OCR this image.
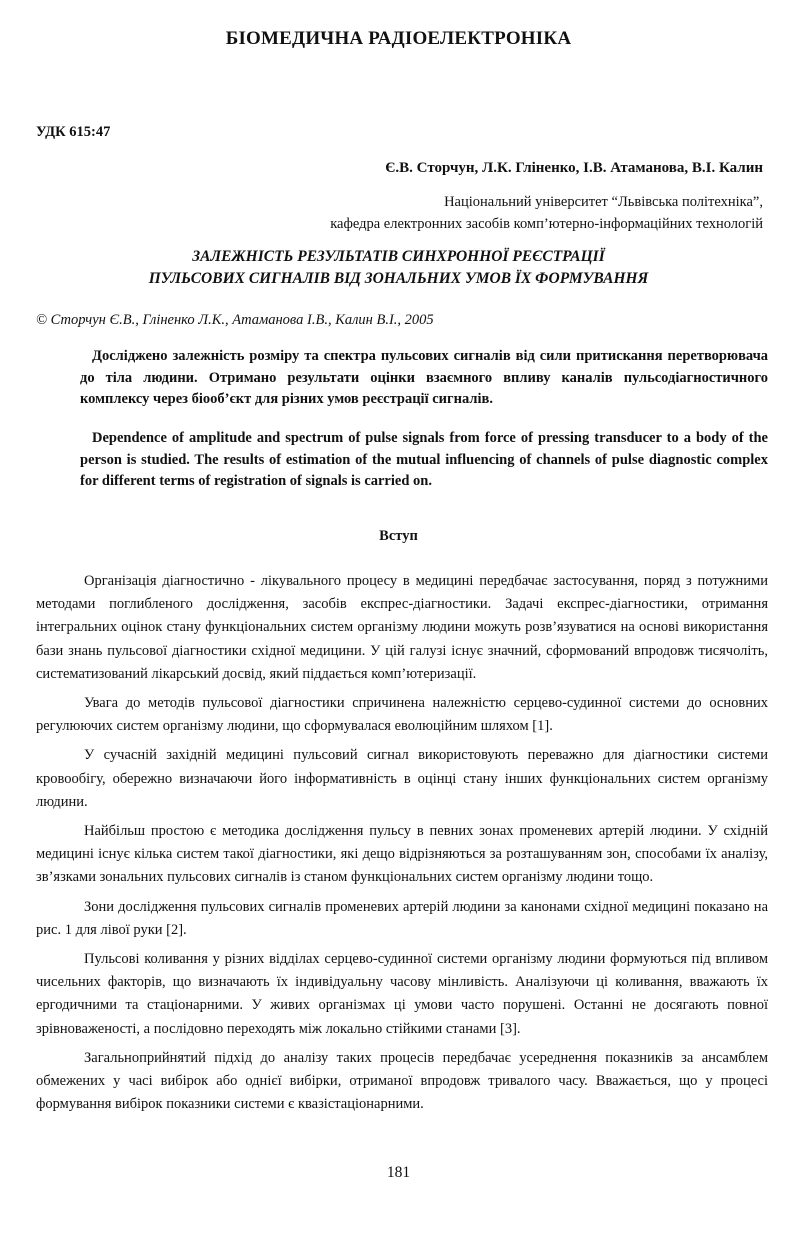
БІОМЕДИЧНА РАДІОЕЛЕКТРОНІКА
УДК 615:47
Є.В. Сторчун, Л.К. Гліненко, І.В. Атаманова, В.І. Калин
Національний університет “Львівська політехніка”,
кафедра електронних засобів комп’ютерно-інформаційних технологій
ЗАЛЕЖНІСТЬ РЕЗУЛЬТАТІВ СИНХРОННОЇ РЕЄСТРАЦІЇ
ПУЛЬСОВИХ СИГНАЛІВ ВІД ЗОНАЛЬНИХ УМОВ ЇХ ФОРМУВАННЯ
© Сторчун Є.В., Гліненко Л.К., Атаманова І.В., Калин В.І., 2005
Досліджено залежність розміру та спектра пульсових сигналів від сили притискання перетворювача до тіла людини. Отримано результати оцінки взаємного впливу каналів пульсодіагностичного комплексу через біооб’єкт для різних умов реєстрації сигналів.
Dependence of amplitude and spectrum of pulse signals from force of pressing transducer to a body of the person is studied. The results of estimation of the mutual influencing of channels of pulse diagnostic complex for different terms of registration of signals is carried on.
Вступ

Організація діагностично - лікувального процесу в медицині передбачає застосування, поряд з потужними методами поглибленого дослідження, засобів експрес-діагностики. Задачі експрес-діагностики, отримання інтегральних оцінок стану функціональних систем організму людини можуть розв’язуватися на основі використання бази знань пульсової діагностики східної медицини. У цій галузі існує значний, сформований впродовж тисячоліть, систематизований лікарський досвід, який піддається комп’ютеризації.

Увага до методів пульсової діагностики спричинена належністю серцево-судинної системи до основних регулюючих систем організму людини, що сформувалася еволюційним шляхом [1].

У сучасній західній медицині пульсовий сигнал використовують переважно для діагностики системи кровообігу, обережно визначаючи його інформативність в оцінці стану інших функціональних систем організму людини.

Найбільш простою є методика дослідження пульсу в певних зонах променевих артерій людини. У східній медицині існує кілька систем такої діагностики, які дещо відрізняються за розташуванням зон, способами їх аналізу, зв’язками зональних пульсових сигналів із станом функціональних систем організму людини тощо.

Зони дослідження пульсових сигналів променевих артерій людини за канонами східної медицині показано на рис. 1 для лівої руки [2].

Пульсові коливання у різних відділах серцево-судинної системи організму людини формуються під впливом чисельних факторів, що визначають їх індивідуальну часову мінливість. Аналізуючи ці коливання, вважають їх ергодичними та стаціонарними. У живих організмах ці умови часто порушені. Останні не досягають повної зрівноваженості, а послідовно переходять між локально стійкими станами [3].

Загальноприйнятий підхід до аналізу таких процесів передбачає усереднення показників за ансамблем обмежених у часі вибірок або однієї вибірки, отриманої впродовж тривалого часу. Вважається, що у процесі формування вибірок показники системи є квазістаціонарними.

181
